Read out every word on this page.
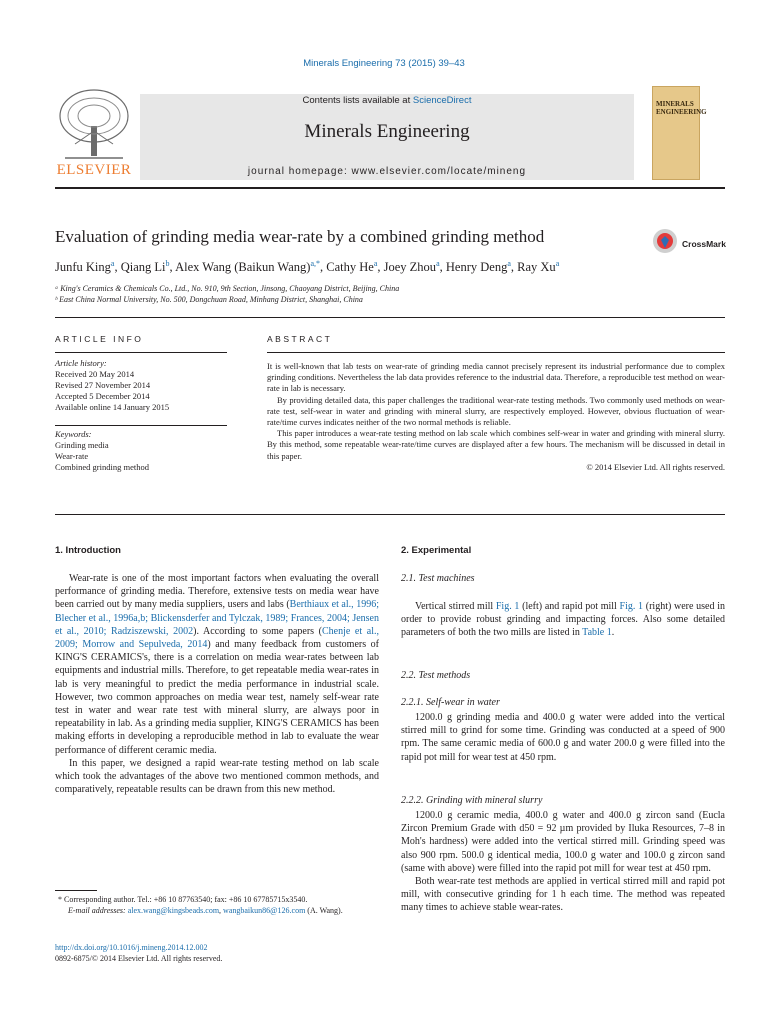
Minerals Engineering 73 (2015) 39–43
ELSEVIER
Contents lists available at ScienceDirect
Minerals Engineering
journal homepage: www.elsevier.com/locate/mineng
MINERALS
ENGINEERING
Evaluation of grinding media wear-rate by a combined grinding method	CrossMark
Junfu King$^a$, Qiang Li$^b$, Alex Wang (Baikun Wang)$^{a,*}$, Cathy He$^a$, Joey Zhou$^a$, Henry Deng$^a$, Ray Xu$^a$
ᵃ King's Ceramics & Chemicals Co., Ltd., No. 910, 9th Section, Jinsong, Chaoyang District, Beijing, China
ᵇ East China Normal University, No. 500, Dongchuan Road, Minhang District, Shanghai, China
ARTICLE INFO
Article history:
Received 20 May 2014
Revised 27 November 2014
Accepted 5 December 2014
Available online 14 January 2015
Keywords:
Grinding media
Wear-rate
Combined grinding method
ABSTRACT

It is well-known that lab tests on wear-rate of grinding media cannot precisely represent its industrial performance due to complex grinding conditions. Nevertheless the lab data provides reference to the industrial data. Therefore, a reproducible test method on wear-rate in lab is necessary.

By providing detailed data, this paper challenges the traditional wear-rate testing methods. Two commonly used methods on wear-rate test, self-wear in water and grinding with mineral slurry, are respectively employed. However, obvious fluctuation of wear-rate/time curves indicates neither of the two normal methods is reliable.

This paper introduces a wear-rate testing method on lab scale which combines self-wear in water and grinding with mineral slurry. By this method, some repeatable wear-rate/time curves are displayed after a few hours. The mechanism will be discussed in detail in this paper.

© 2014 Elsevier Ltd. All rights reserved.
1. Introduction

Wear-rate is one of the most important factors when evaluating the overall performance of grinding media. Therefore, extensive tests on media wear have been carried out by many media suppliers, users and labs (Berthiaux et al., 1996; Blecher et al., 1996a,b; Blickensderfer and Tylczak, 1989; Frances, 2004; Jensen et al., 2010; Radziszewski, 2002). According to some papers (Chenje et al., 2009; Morrow and Sepulveda, 2014) and many feedback from customers of KING'S CERAMICS's, there is a correlation on media wear-rates between lab equipments and industrial mills. Therefore, to get repeatable media wear-rates in lab is very meaningful to predict the media performance in industrial scale. However, two common approaches on media wear test, namely self-wear rate test in water and wear rate test with mineral slurry, are always poor in repeatability in lab. As a grinding media supplier, KING'S CERAMICS has been making efforts in developing a reproducible method in lab to evaluate the wear performance of different ceramic media.

In this paper, we designed a rapid wear-rate testing method on lab scale which took the advantages of the above two mentioned common methods, and comparatively, repeatable results can be drawn from this new method.

* Corresponding author. Tel.: +86 10 87763540; fax: +86 10 67785715x3540.
E-mail addresses: alex.wang@kingsbeads.com, wangbaikun86@126.com (A. Wang).
http://dx.doi.org/10.1016/j.mineng.2014.12.002
0892-6875/© 2014 Elsevier Ltd. All rights reserved.
2. Experimental
2.1. Test machines

Vertical stirred mill Fig. 1 (left) and rapid pot mill Fig. 1 (right) were used in order to provide robust grinding and impacting forces. Also some detailed parameters of both the two mills are listed in Table 1.

2.2. Test methods
2.2.1. Self-wear in water

1200.0 g grinding media and 400.0 g water were added into the vertical stirred mill to grind for some time. Grinding was conducted at a speed of 900 rpm. The same ceramic media of 600.0 g and water 200.0 g were filled into the rapid pot mill for wear test at 450 rpm.

2.2.2. Grinding with mineral slurry

1200.0 g ceramic media, 400.0 g water and 400.0 g zircon sand (Eucla Zircon Premium Grade with d50 = 92 µm provided by Iluka Resources, 7–8 in Moh's hardness) were added into the vertical stirred mill. Grinding speed was also 900 rpm. 500.0 g identical media, 100.0 g water and 100.0 g zircon sand (same with above) were filled into the rapid pot mill for wear test at 450 rpm.

Both wear-rate test methods are applied in vertical stirred mill and rapid pot mill, with consecutive grinding for 1 h each time. The method was repeated many times to achieve stable wear-rates.
